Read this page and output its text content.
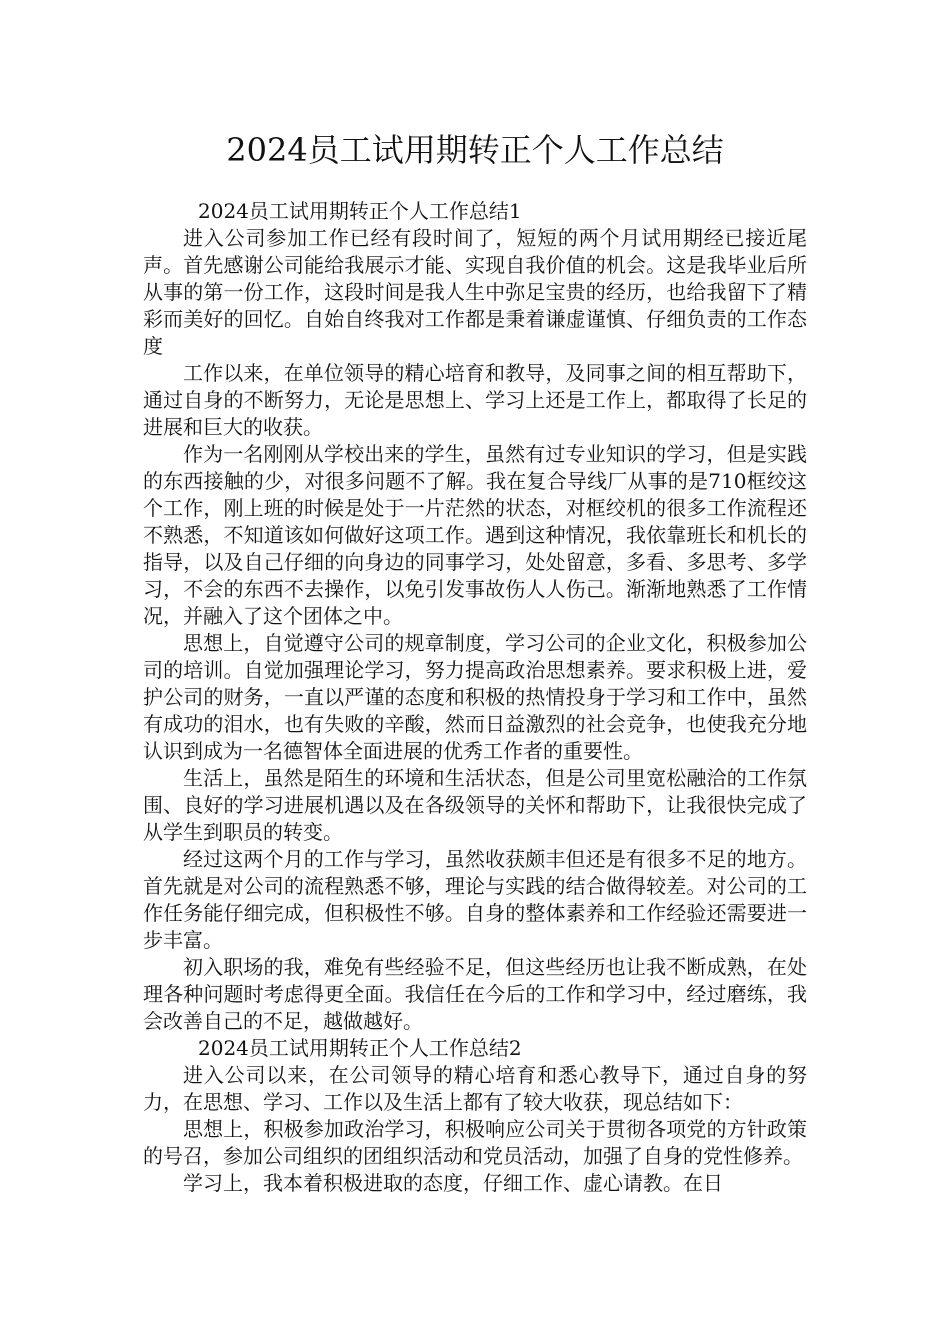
2024员工试用期转正个人工作总结

2024员工试用期转正个人工作总结1

进入公司参加工作已经有段时间了，短短的两个月试用期经已接近尾声。首先感谢公司能给我展示才能、实现自我价值的机会。这是我毕业后所从事的第一份工作，这段时间是我人生中弥足宝贵的经历，也给我留下了精彩而美好的回忆。自始自终我对工作都是秉着谦虚谨慎、仔细负责的工作态度

工作以来，在单位领导的精心培育和教导，及同事之间的相互帮助下，通过自身的不断努力，无论是思想上、学习上还是工作上，都取得了长足的进展和巨大的收获。

作为一名刚刚从学校出来的学生，虽然有过专业知识的学习，但是实践的东西接触的少，对很多问题不了解。我在复合导线厂从事的是710框绞这个工作，刚上班的时候是处于一片茫然的状态，对框绞机的很多工作流程还不熟悉，不知道该如何做好这项工作。遇到这种情况，我依靠班长和机长的指导，以及自己仔细的向身边的同事学习，处处留意，多看、多思考、多学习，不会的东西不去操作，以免引发事故伤人人伤己。渐渐地熟悉了工作情况，并融入了这个团体之中。

思想上，自觉遵守公司的规章制度，学习公司的企业文化，积极参加公司的培训。自觉加强理论学习，努力提高政治思想素养。要求积极上进，爱护公司的财务，一直以严谨的态度和积极的热情投身于学习和工作中，虽然有成功的泪水，也有失败的辛酸，然而日益激烈的社会竞争，也使我充分地认识到成为一名德智体全面进展的优秀工作者的重要性。

生活上，虽然是陌生的环境和生活状态，但是公司里宽松融洽的工作氛围、良好的学习进展机遇以及在各级领导的关怀和帮助下，让我很快完成了从学生到职员的转变。

经过这两个月的工作与学习，虽然收获颇丰但还是有很多不足的地方。首先就是对公司的流程熟悉不够，理论与实践的结合做得较差。对公司的工作任务能仔细完成，但积极性不够。自身的整体素养和工作经验还需要进一步丰富。

初入职场的我，难免有些经验不足，但这些经历也让我不断成熟，在处理各种问题时考虑得更全面。我信任在今后的工作和学习中，经过磨练，我会改善自己的不足，越做越好。

2024员工试用期转正个人工作总结2

进入公司以来，在公司领导的精心培育和悉心教导下，通过自身的努力，在思想、学习、工作以及生活上都有了较大收获，现总结如下：

思想上，积极参加政治学习，积极响应公司关于贯彻各项党的方针政策的号召，参加公司组织的团组织活动和党员活动，加强了自身的党性修养。

学习上，我本着积极进取的态度，仔细工作、虚心请教。在日
